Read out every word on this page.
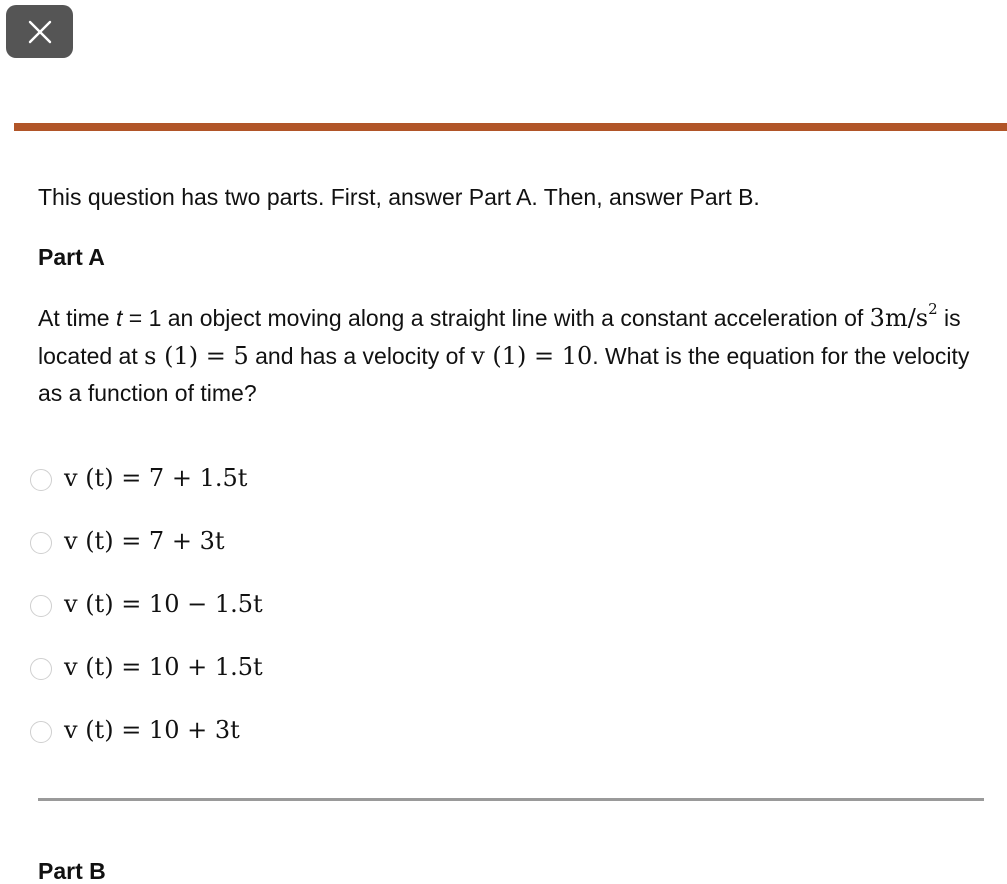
This question has two parts. First, answer Part A. Then, answer Part B.
Part A
At time t = 1 an object moving along a straight line with a constant acceleration of $3m/s^2$ is located at s (1) = 5 and has a velocity of v (1) = 10. What is the equation for the velocity as a function of time?
v (t) = 7 + 1.5t
v (t) = 7 + 3t
v (t) = 10 − 1.5t
v (t) = 10 + 1.5t
v (t) = 10 + 3t
Part B
